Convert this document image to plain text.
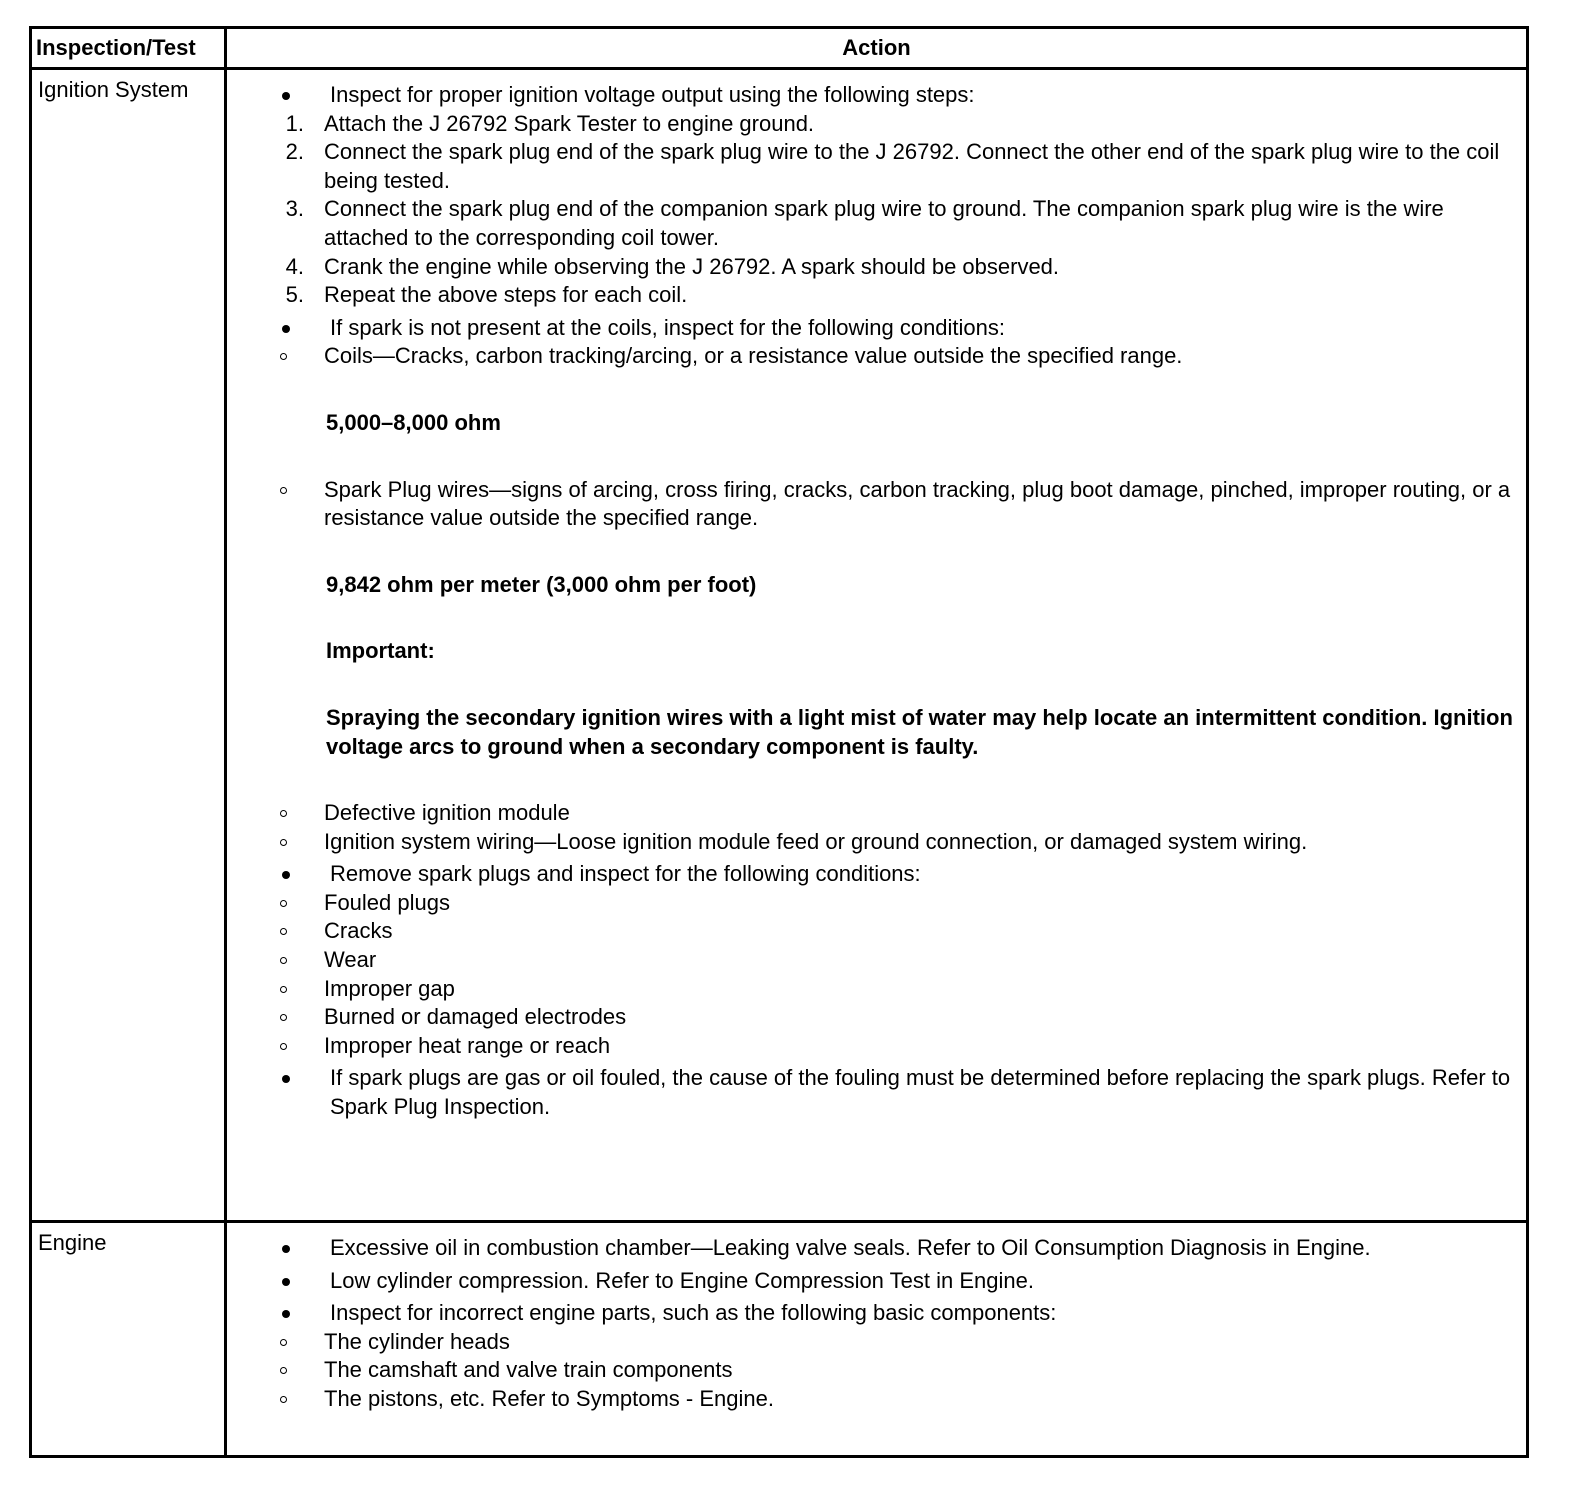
Inspection/Test	Action
Ignition System	Inspect for proper ignition voltage output using the following steps:
1. Attach the J 26792 Spark Tester to engine ground.
2. Connect the spark plug end of the spark plug wire to the J 26792. Connect the other end of the spark plug wire to the coil being tested.
3. Connect the spark plug end of the companion spark plug wire to ground. The companion spark plug wire is the wire attached to the corresponding coil tower.
4. Crank the engine while observing the J 26792. A spark should be observed.
5. Repeat the above steps for each coil.
If spark is not present at the coils, inspect for the following conditions:
Coils—Cracks, carbon tracking/arcing, or a resistance value outside the specified range.
5,000–8,000 ohm
Spark Plug wires—signs of arcing, cross firing, cracks, carbon tracking, plug boot damage, pinched, improper routing, or a resistance value outside the specified range.
9,842 ohm per meter (3,000 ohm per foot)
Important:
Spraying the secondary ignition wires with a light mist of water may help locate an intermittent condition. Ignition voltage arcs to ground when a secondary component is faulty.
Defective ignition module
Ignition system wiring—Loose ignition module feed or ground connection, or damaged system wiring.
Remove spark plugs and inspect for the following conditions:
Fouled plugs
Cracks
Wear
Improper gap
Burned or damaged electrodes
Improper heat range or reach
If spark plugs are gas or oil fouled, the cause of the fouling must be determined before replacing the spark plugs. Refer to Spark Plug Inspection.
Engine	Excessive oil in combustion chamber—Leaking valve seals. Refer to Oil Consumption Diagnosis in Engine.
Low cylinder compression. Refer to Engine Compression Test in Engine.
Inspect for incorrect engine parts, such as the following basic components:
The cylinder heads
The camshaft and valve train components
The pistons, etc. Refer to Symptoms - Engine.
